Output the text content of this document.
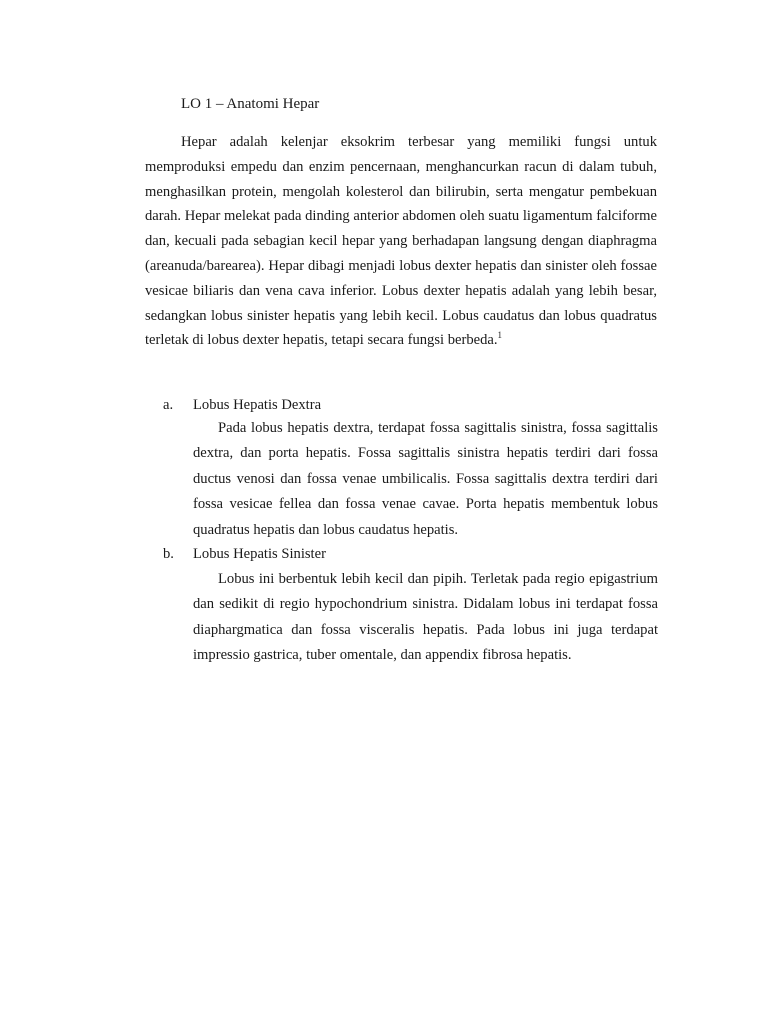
LO 1 – Anatomi Hepar

Hepar adalah kelenjar eksokrim terbesar yang memiliki fungsi untuk memproduksi empedu dan enzim pencernaan, menghancurkan racun di dalam tubuh, menghasilkan protein, mengolah kolesterol dan bilirubin, serta mengatur pembekuan darah. Hepar melekat pada dinding anterior abdomen oleh suatu ligamentum falciforme dan, kecuali pada sebagian kecil hepar yang berhadapan langsung dengan diaphragma (areanuda/barearea). Hepar dibagi menjadi lobus dexter hepatis dan sinister oleh fossae vesicae biliaris dan vena cava inferior. Lobus dexter hepatis adalah yang lebih besar, sedangkan lobus sinister hepatis yang lebih kecil. Lobus caudatus dan lobus quadratus terletak di lobus dexter hepatis, tetapi secara fungsi berbeda.$^1$

a. Lobus Hepatis Dextra

Pada lobus hepatis dextra, terdapat fossa sagittalis sinistra, fossa sagittalis dextra, dan porta hepatis. Fossa sagittalis sinistra hepatis terdiri dari fossa ductus venosi dan fossa venae umbilicalis. Fossa sagittalis dextra terdiri dari fossa vesicae fellea dan fossa venae cavae. Porta hepatis membentuk lobus quadratus hepatis dan lobus caudatus hepatis.

b. Lobus Hepatis Sinister

Lobus ini berbentuk lebih kecil dan pipih. Terletak pada regio epigastrium dan sedikit di regio hypochondrium sinistra. Didalam lobus ini terdapat fossa diaphargmatica dan fossa visceralis hepatis. Pada lobus ini juga terdapat impressio gastrica, tuber omentale, dan appendix fibrosa hepatis.
